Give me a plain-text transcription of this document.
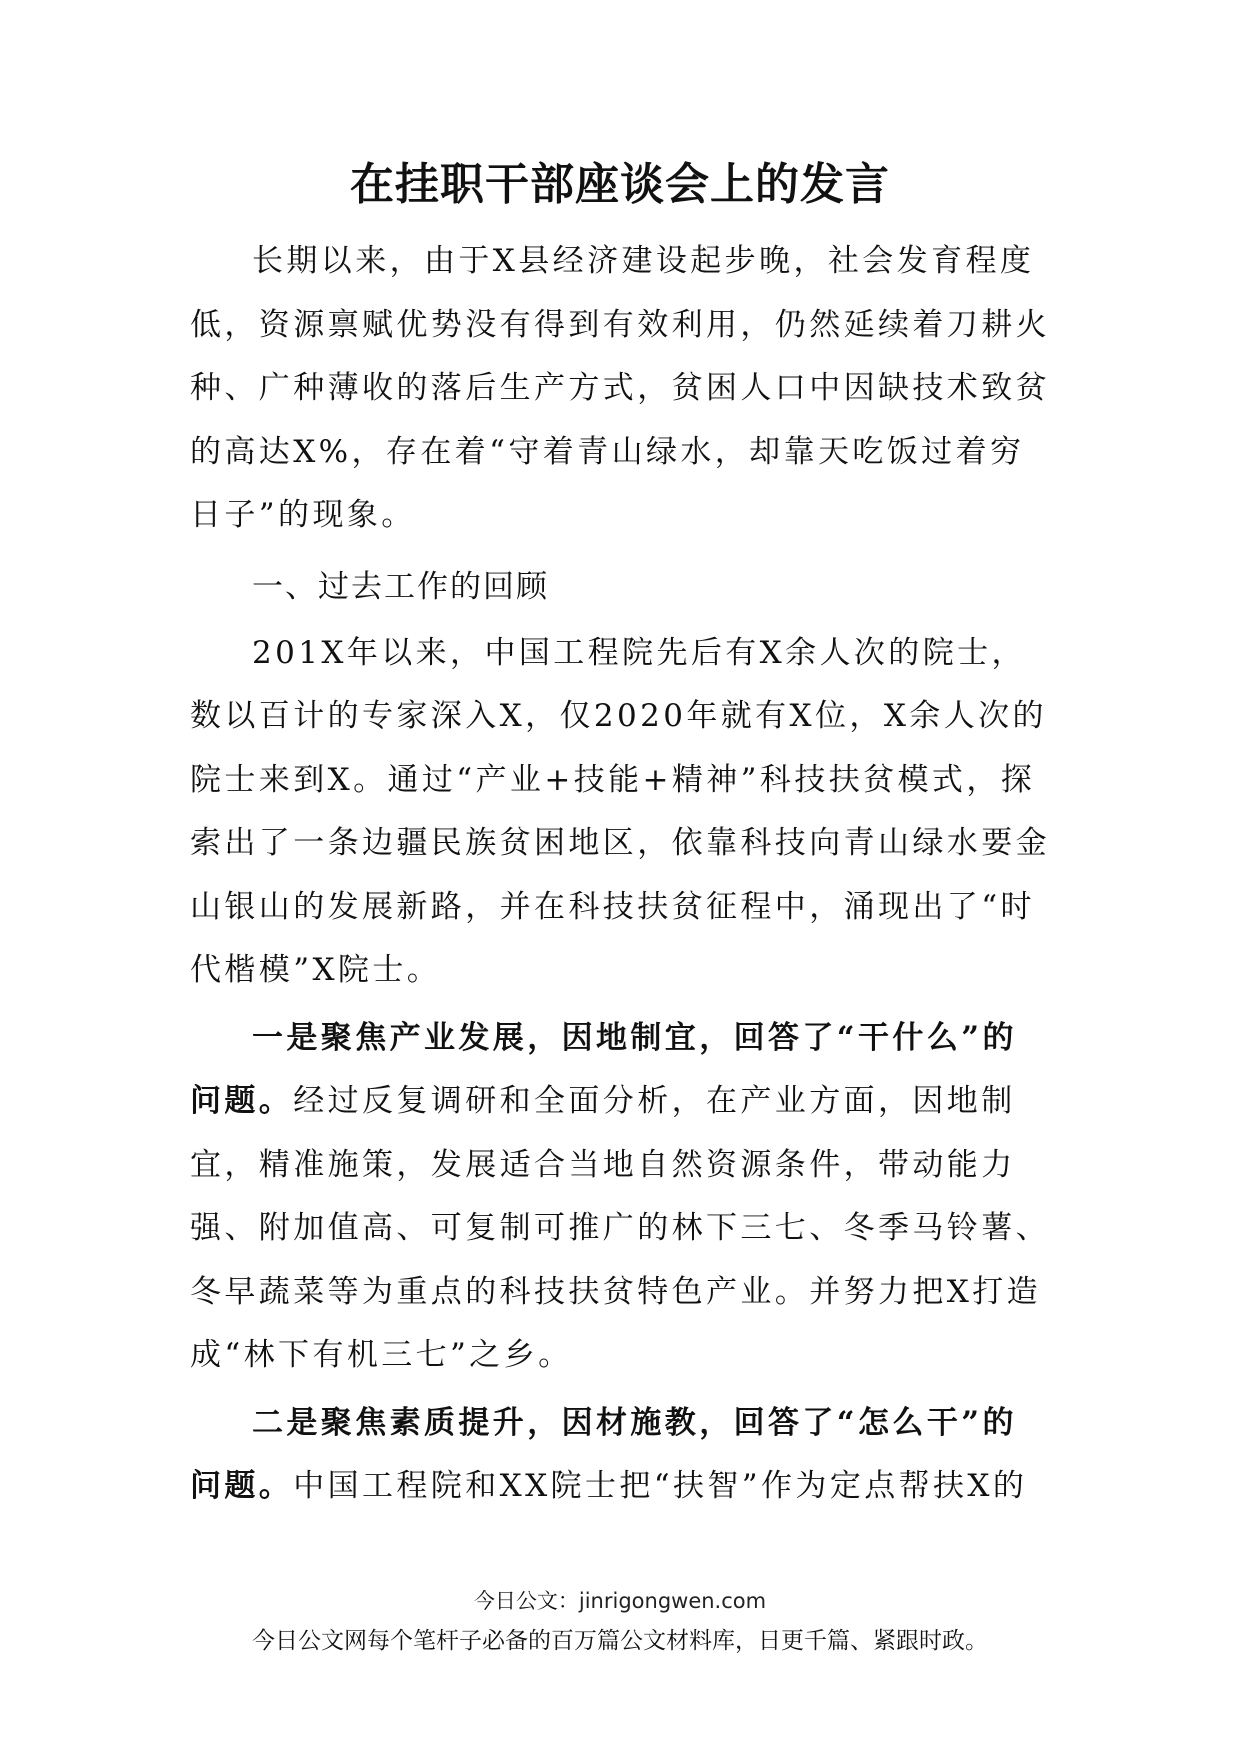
在挂职干部座谈会上的发言

长期以来，由于X县经济建设起步晚，社会发育程度低，资源禀赋优势没有得到有效利用，仍然延续着刀耕火种、广种薄收的落后生产方式，贫困人口中因缺技术致贫的高达X%，存在着“守着青山绿水，却靠天吃饭过着穷日子”的现象。

一、过去工作的回顾

201X年以来，中国工程院先后有X余人次的院士，数以百计的专家深入X，仅2020年就有X位，X余人次的院士来到X。通过“产业+技能+精神”科技扶贫模式，探索出了一条边疆民族贫困地区，依靠科技向青山绿水要金山银山的发展新路，并在科技扶贫征程中，涌现出了“时代楷模”X院士。

一是聚焦产业发展，因地制宜，回答了“干什么”的问题。经过反复调研和全面分析，在产业方面，因地制宜，精准施策，发展适合当地自然资源条件，带动能力强、附加值高、可复制可推广的林下三七、冬季马铃薯、冬早蔬菜等为重点的科技扶贫特色产业。并努力把X打造成“林下有机三七”之乡。

二是聚焦素质提升，因材施教，回答了“怎么干”的问题。中国工程院和XX院士把“扶智”作为定点帮扶X的

今日公文：jinrigongwen.com
今日公文网每个笔杆子必备的百万篇公文材料库，日更千篇、紧跟时政。
